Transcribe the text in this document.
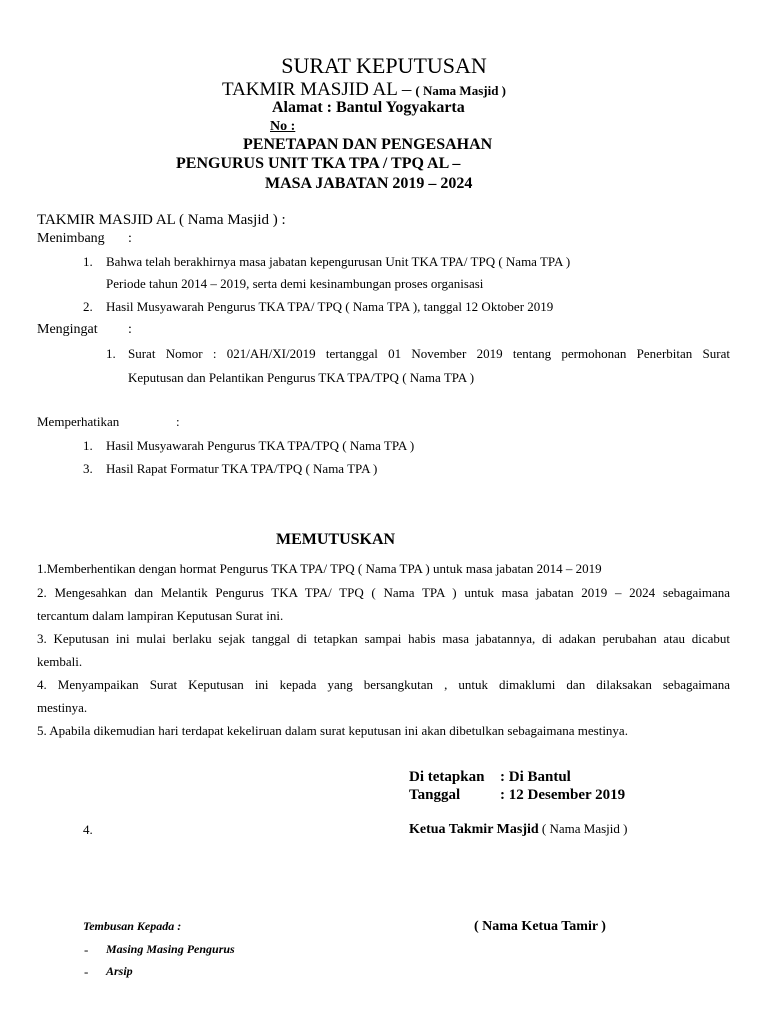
SURAT KEPUTUSAN
TAKMIR MASJID AL – ( Nama Masjid )
Alamat : Bantul Yogyakarta
No :
PENETAPAN DAN PENGESAHAN
PENGURUS UNIT TKA TPA / TPQ AL –
MASA JABATAN 2019 – 2024
TAKMIR MASJID AL ( Nama Masjid ) :
Menimbang :
1. Bahwa telah berakhirnya masa jabatan kepengurusan Unit TKA TPA/ TPQ ( Nama TPA )
Periode tahun 2014 – 2019, serta demi kesinambungan proses organisasi
2. Hasil Musyawarah Pengurus TKA TPA/ TPQ ( Nama TPA ), tanggal 12 Oktober 2019
Mengingat :
1. Surat Nomor : 021/AH/XI/2019 tertanggal 01 November 2019 tentang permohonan Penerbitan Surat
Keputusan dan Pelantikan Pengurus TKA TPA/TPQ ( Nama TPA )
Memperhatikan	:
1. Hasil Musyawarah Pengurus TKA TPA/TPQ ( Nama TPA )
3. Hasil Rapat Formatur TKA TPA/TPQ ( Nama TPA )
MEMUTUSKAN
1.Memberhentikan dengan hormat Pengurus TKA TPA/ TPQ ( Nama TPA ) untuk masa jabatan 2014 – 2019
2. Mengesahkan dan Melantik Pengurus TKA TPA/ TPQ ( Nama TPA ) untuk masa jabatan 2019 – 2024 sebagaimana
tercantum dalam lampiran Keputusan Surat ini.
3. Keputusan ini mulai berlaku sejak tanggal di tetapkan sampai habis masa jabatannya, di adakan perubahan atau dicabut
kembali.
4. Menyampaikan Surat Keputusan ini kepada yang bersangkutan , untuk dimaklumi dan dilaksakan sebagaimana
mestinya.
5. Apabila dikemudian hari terdapat kekeliruan dalam surat keputusan ini akan dibetulkan sebagaimana mestinya.
Di tetapkan : Di Bantul
Tanggal	: 12 Desember 2019
4.	Ketua Takmir Masjid ( Nama Masjid )
( Nama Ketua Tamir )
Tembusan Kepada :
- Masing Masing Pengurus
- Arsip
